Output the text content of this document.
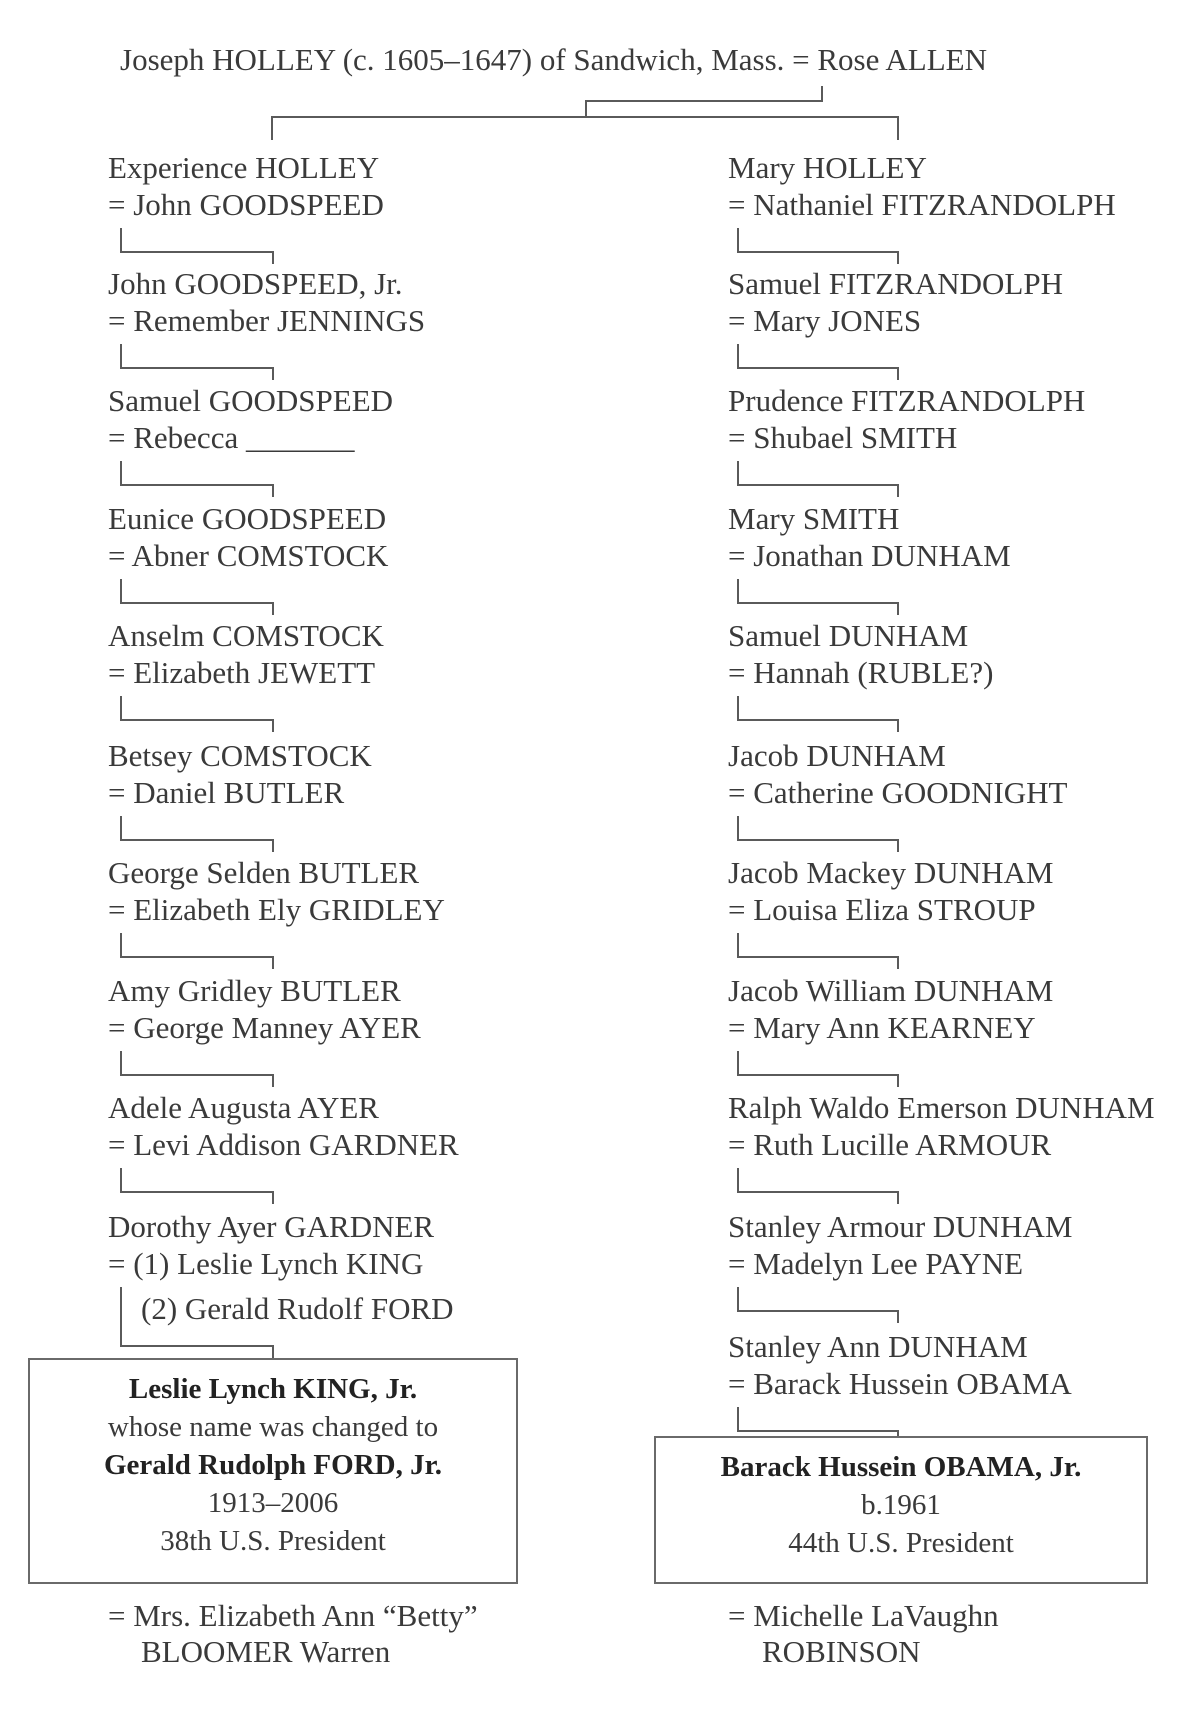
Joseph HOLLEY (c. 1605–1647) of Sandwich, Mass. = Rose ALLEN
Experience HOLLEY
= John GOODSPEED
John GOODSPEED, Jr.
= Remember JENNINGS
Samuel GOODSPEED
= Rebecca _______
Eunice GOODSPEED
= Abner COMSTOCK
Anselm COMSTOCK
= Elizabeth JEWETT
Betsey COMSTOCK
= Daniel BUTLER
George Selden BUTLER
= Elizabeth Ely GRIDLEY
Amy Gridley BUTLER
= George Manney AYER
Adele Augusta AYER
= Levi Addison GARDNER
Dorothy Ayer GARDNER
= (1) Leslie Lynch KING
Mary HOLLEY
= Nathaniel FITZRANDOLPH
Samuel FITZRANDOLPH
= Mary JONES
Prudence FITZRANDOLPH
= Shubael SMITH
Mary SMITH
= Jonathan DUNHAM
Samuel DUNHAM
= Hannah (RUBLE?)
Jacob DUNHAM
= Catherine GOODNIGHT
Jacob Mackey DUNHAM
= Louisa Eliza STROUP
Jacob William DUNHAM
= Mary Ann KEARNEY
Ralph Waldo Emerson DUNHAM
= Ruth Lucille ARMOUR
Stanley Armour DUNHAM
= Madelyn Lee PAYNE
Stanley Ann DUNHAM
= Barack Hussein OBAMA
(2) Gerald Rudolf FORD
Leslie Lynch KING, Jr.
whose name was changed to
Gerald Rudolph FORD, Jr.
1913–2006
38th U.S. President
= Mrs. Elizabeth Ann “Betty”
BLOOMER Warren
Barack Hussein OBAMA, Jr.
b.1961
44th U.S. President
= Michelle LaVaughn
ROBINSON
